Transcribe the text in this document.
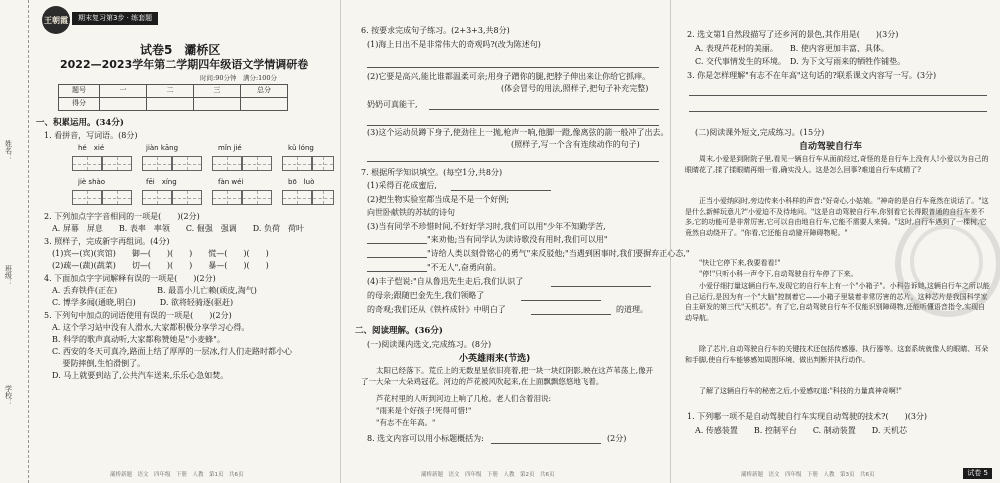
姓名：
班级：
学校：
王朝霞	期末复习第3步 · 练套题
试卷5　灞桥区
2022—2023学年第二学期四年级语文学情调研卷
时间:90分钟　满分:100分
题号	一	二	三	总分
得分				
一、积累运用。(34分)
1. 看拼音，写词语。(8分)
hé　xié	jiàn kāng	mǐn jié	kǔ lóng
jiè shào	fēi　xíng	fàn wéi	bō　luò
2. 下列加点字字音相同的一项是(　　)(2分)
A. 屏幕　屏息　　B. 表率　率领　　C. 倔强　强调　　D. 负荷　荷叶
3. 照样子，完成新字再组词。(4分)
(1)宾—(宾)(宾馆)　　御—(　　)(　　)　　慌—(　　)(　　)
(2)疏—(蔬)(蔬菜)　　切—(　　)(　　)　　暴—(　　)(　　)
4. 下面加点字字词解释有误的一项是(　　)(2分)
A. 丢弃铁件(正在)　　　　　B. 最喜小儿亡赖(顽皮,淘气)
C. 博学多闻(通晓,明白)　　　D. 欲将轻骑逐(驱赶)
5. 下列句中加点的词语使用有误的一项是(　　)(2分)
A. 这个学习站中没有人滑水,大家都积极分享学习心得。
B. 科学的歌声真动听,大家都称赞她是"小麦蜂"。
C. 西安的冬天可真冷,路面上结了厚厚的一层冰,行人们走路时都小心
　 要防摔倒,生怕滑倒了。
D. 马上就要到站了,公共汽车送来,乐乐心急如焚。
灞桥新题　语文　四年级　下册　人教　第1页　共6页
6. 按要求完成句子练习。(2+3+3,共8分)
(1)海上日出不是非常伟大的奇观吗?(改为陈述句)
(2)它要是高兴,能比谁都温柔可亲;用身子蹭你的腿,把脖子伸出来让你给它抓痒。
(体会冒号的用法,照样子,把句子补充完整)
奶奶可真能干,
(3)这个运动员蹲下身子,使劲往上一抛,枪声一响,他脚一蹬,像离弦的箭一般冲了出去。
(照样子,写一个含有连续动作的句子)
7. 根据所学知识填空。(每空1分,共8分)
(1)采得百花成蜜后,
(2)把生物实验室都当成是不是一个好例;
向世卧献铁的苏轼的诗句
(3)当有同学不珍惜时间,不好好学习时,我们可以用"少年不知勤学苦,
"来劝他;当有同学认为读诗歌没有用时,我们可以用"
"诗给人类以刻骨铭心的勇气"来反驳他;"当遇到困事时,我们要摒弃正心态,"
"不无人",奋勇向前。
(4)丰子恺说:"自从鲁迅先生走后,我们认识了
的母亲;跟随巴金先生,我们领略了
的奇观;我们还从《铁杵成针》中明白了	的道理。
二、阅读理解。(36分)
(一)阅读课内选文,完成练习。(8分)
小英雄雨来(节选)
太阳已经落下。荒丘上的无数星星依旧亮着,把一块一块红阴影,映在这芦苇荡上,像开了一大朵一大朵鸡冠花。河边的芦花被风吹起来,在上面飘飘悠悠地飞着。
芦花村里的人听到河边上响了几枪。老人们含着泪说:
"雨来是个好孩子!死得可惜!"
"有志不在年高。"
8. 选文内容可以用小标题概括为:	(2分)
灞桥新题　语文　四年级　下册　人教　第2页　共6页
2. 选文第1自然段描写了还乡河的景色,其作用是(　　)(3分)
A. 表现芦花村的美丽。　　B. 使内容更加丰富、具体。
C. 交代事情发生的环境。　D. 为下文写雨来的牺牲作铺垫。
3. 你是怎样理解"有志不在年高"这句话的?联系课文内容写一写。(3分)
(二)阅读课外短文,完成练习。(15分)
自动驾驶自行车
周末,小爱是到附院子里,看见一辆自行车从面前经过,奇怪的是自行车上没有人!小爱以为自己的眼睛花了,揉了揉眼睛再细一看,确实没人。这是怎么回事?难道自行车成精了?
正当小爱纳闷时,旁边传来小科样的声音:"好奇心,小姑娘。"神奇的是自行车竟然在说话了。"这是什么新鲜玩意儿?"小爱迫不及待地问。"这是自动驾驶自行车,你别看它长得跟普通的自行车差不多,它的功能可是非常厉害,它可以自由地自行车,它能不需要人来骑。"这时,自行车遇到了一棵树,它竟然自动绕开了。"你看,它还能自动避开障碍物呢。"
"快让它停下来,我要看看!"
"停!"只听小科一声令下,自动驾驶自行车停了下来。
小爱仔细打量这辆自行车,发现它的自行车上有一个"小箱子"。小科告诉她,这辆自行车之所以能自己运行,是因为有一个"大脑"控制着它——小箱子里装着非常厉害的芯片。这种芯片是我国科学家自主研发的第三代"天机芯"。有了它,自动驾驶自行车不仅能识别障碍物,还能听懂语音指令,实现自动导航。
除了芯片,自动驾驶自行车的关键技术还包括传感器、执行器等。这套系统就像人的眼睛、耳朵和手脚,使自行车能够感知周围环境、做出判断并执行动作。
了解了这辆自行车的秘密之后,小爱感叹道:"科技的力量真神奇啊!"
1. 下列哪一项不是自动驾驶自行车实现自动驾驶的技术?(　　)(3分)
A. 传感装置　　B. 控制平台　　C. 制动装置　　D. 天机芯
灞桥新题　语文　四年级　下册　人教　第3页　共6页	试卷 5
